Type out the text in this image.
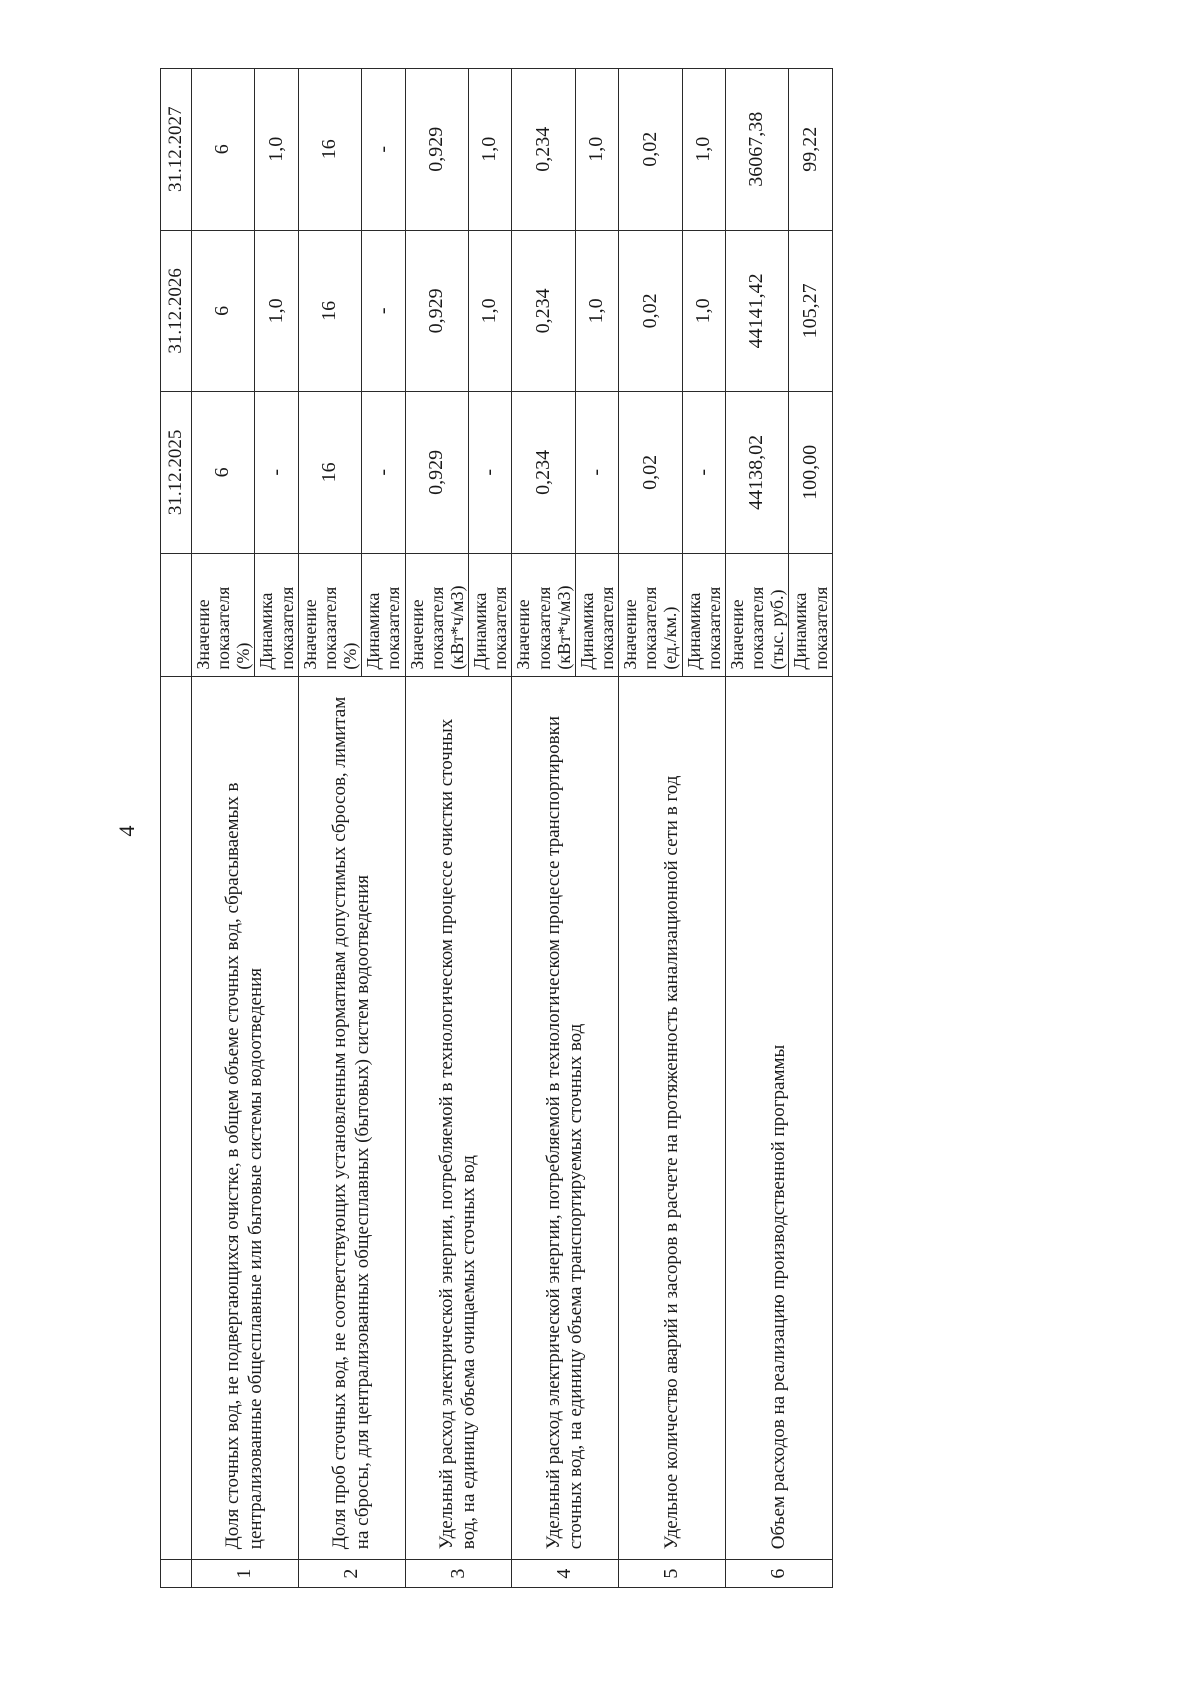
4
			31.12.2025	31.12.2026	31.12.2027
1	Доля сточных вод, не подвергающихся очистке, в общем объеме сточных вод, сбрасываемых в централизованные общесплавные или бытовые системы водоотведения	Значение показателя (%)	6	6	6
		Динамика показателя	-	1,0	1,0
2	Доля проб сточных вод, не соответствующих установленным нормативам допустимых сбросов, лимитам на сбросы, для централизованных общесплавных (бытовых) систем водоотведения	Значение показателя (%)	16	16	16
		Динамика показателя	-	-	-
3	Удельный расход электрической энергии, потребляемой в технологическом процессе очистки сточных вод, на единицу объема очищаемых сточных вод	Значение показателя (кВт*ч/м3)	0,929	0,929	0,929
		Динамика показателя	-	1,0	1,0
4	Удельный расход электрической энергии, потребляемой в технологическом процессе транспортировки сточных вод, на единицу объема транспортируемых сточных вод	Значение показателя (кВт*ч/м3)	0,234	0,234	0,234
		Динамика показателя	-	1,0	1,0
5	Удельное количество аварий и засоров в расчете на протяженность канализационной сети в год	Значение показателя (ед./км.)	0,02	0,02	0,02
		Динамика показателя	-	1,0	1,0
6	Объем расходов на реализацию производственной программы	Значение показателя (тыс. руб.)	44138,02	44141,42	36067,38
		Динамика показателя	100,00	105,27	99,22
